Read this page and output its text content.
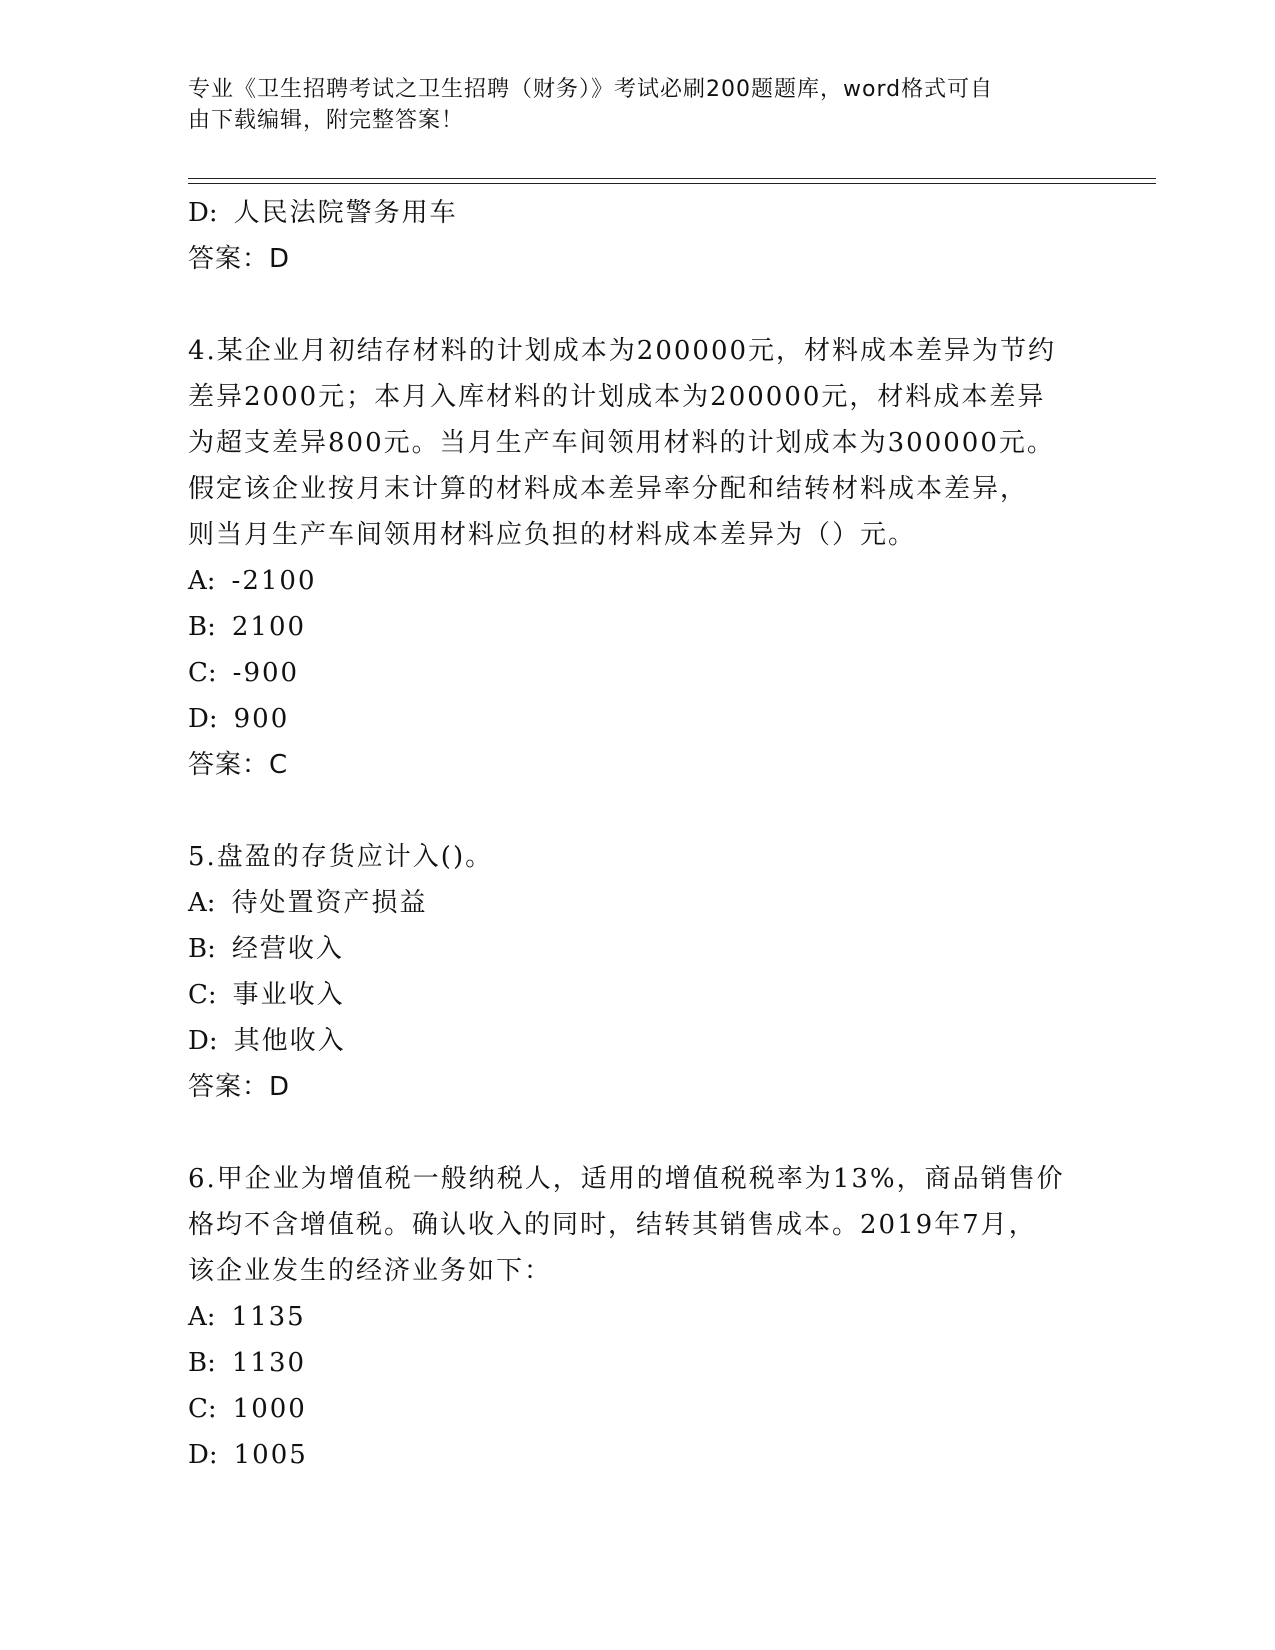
专业《卫生招聘考试之卫生招聘（财务）》考试必刷200题题库，word格式可自
由下载编辑，附完整答案！
D: 人民法院警务用车
答案：D
4.某企业月初结存材料的计划成本为200000元，材料成本差异为节约
差异2000元；本月入库材料的计划成本为200000元，材料成本差异
为超支差异800元。当月生产车间领用材料的计划成本为300000元。
假定该企业按月末计算的材料成本差异率分配和结转材料成本差异，
则当月生产车间领用材料应负担的材料成本差异为（）元。
A: -2100
B: 2100
C: -900
D: 900
答案：C
5.盘盈的存货应计入()。
A: 待处置资产损益
B: 经营收入
C: 事业收入
D: 其他收入
答案：D
6.甲企业为增值税一般纳税人，适用的增值税税率为13%，商品销售价
格均不含增值税。确认收入的同时，结转其销售成本。2019年7月，
该企业发生的经济业务如下：
A: 1135
B: 1130
C: 1000
D: 1005
